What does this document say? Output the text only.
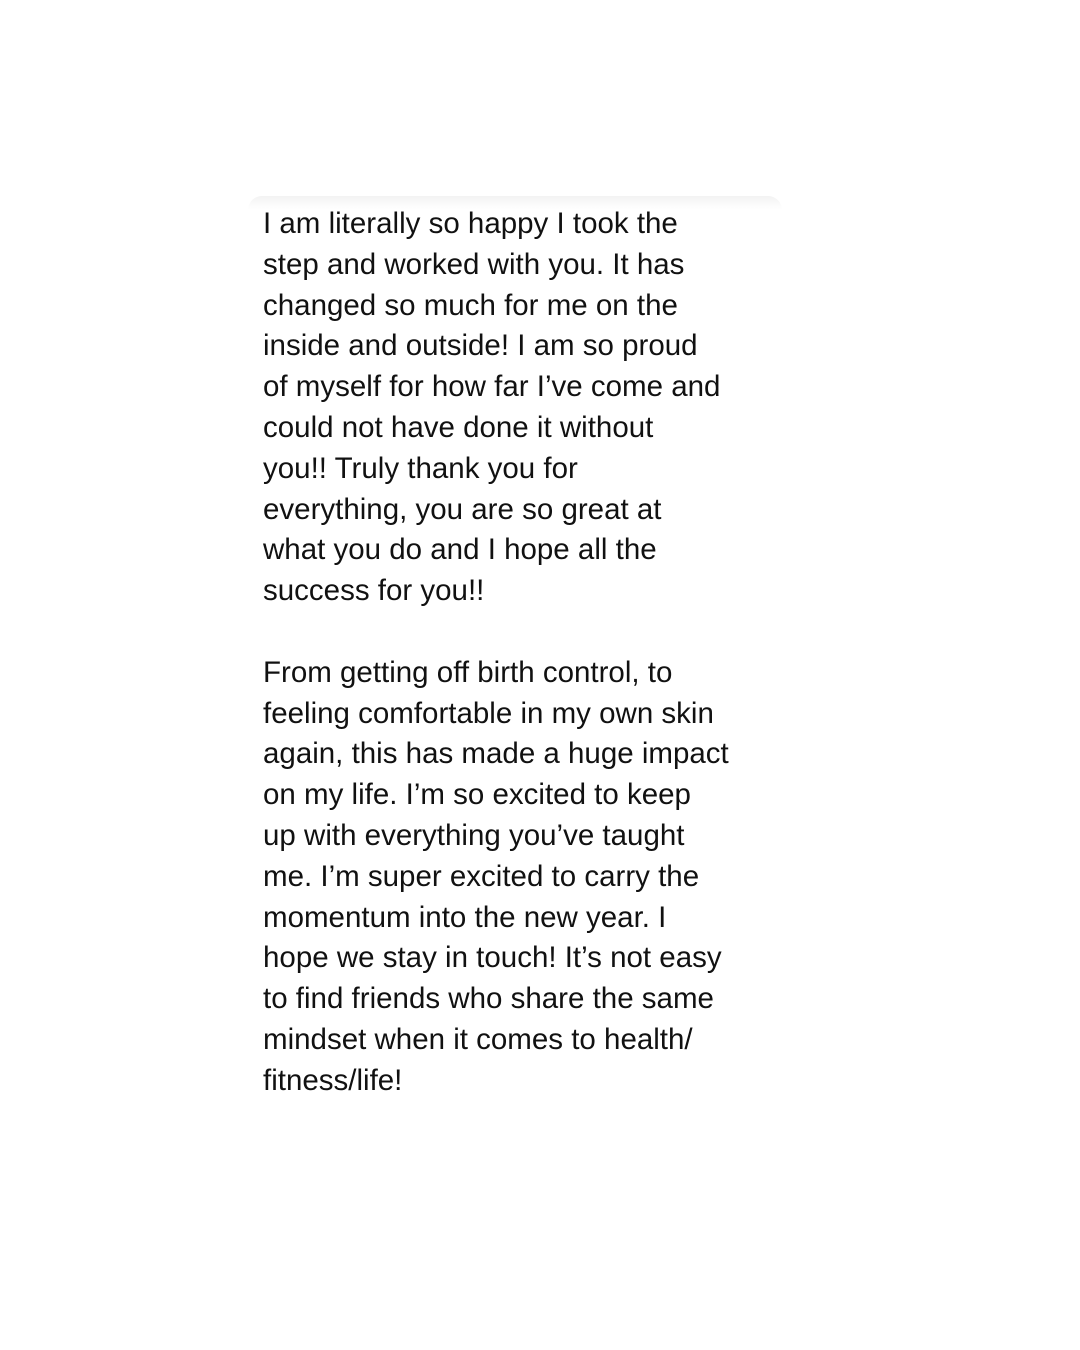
I am literally so happy I took the
step and worked with you. It has
changed so much for me on the
inside and outside! I am so proud
of myself for how far I’ve come and
could not have done it without
you!! Truly thank you for
everything, you are so great at
what you do and I hope all the
success for you!!

From getting off birth control, to
feeling comfortable in my own skin
again, this has made a huge impact
on my life. I’m so excited to keep
up with everything you’ve taught
me. I’m super excited to carry the
momentum into the new year. I
hope we stay in touch! It’s not easy
to find friends who share the same
mindset when it comes to health/
fitness/life!
